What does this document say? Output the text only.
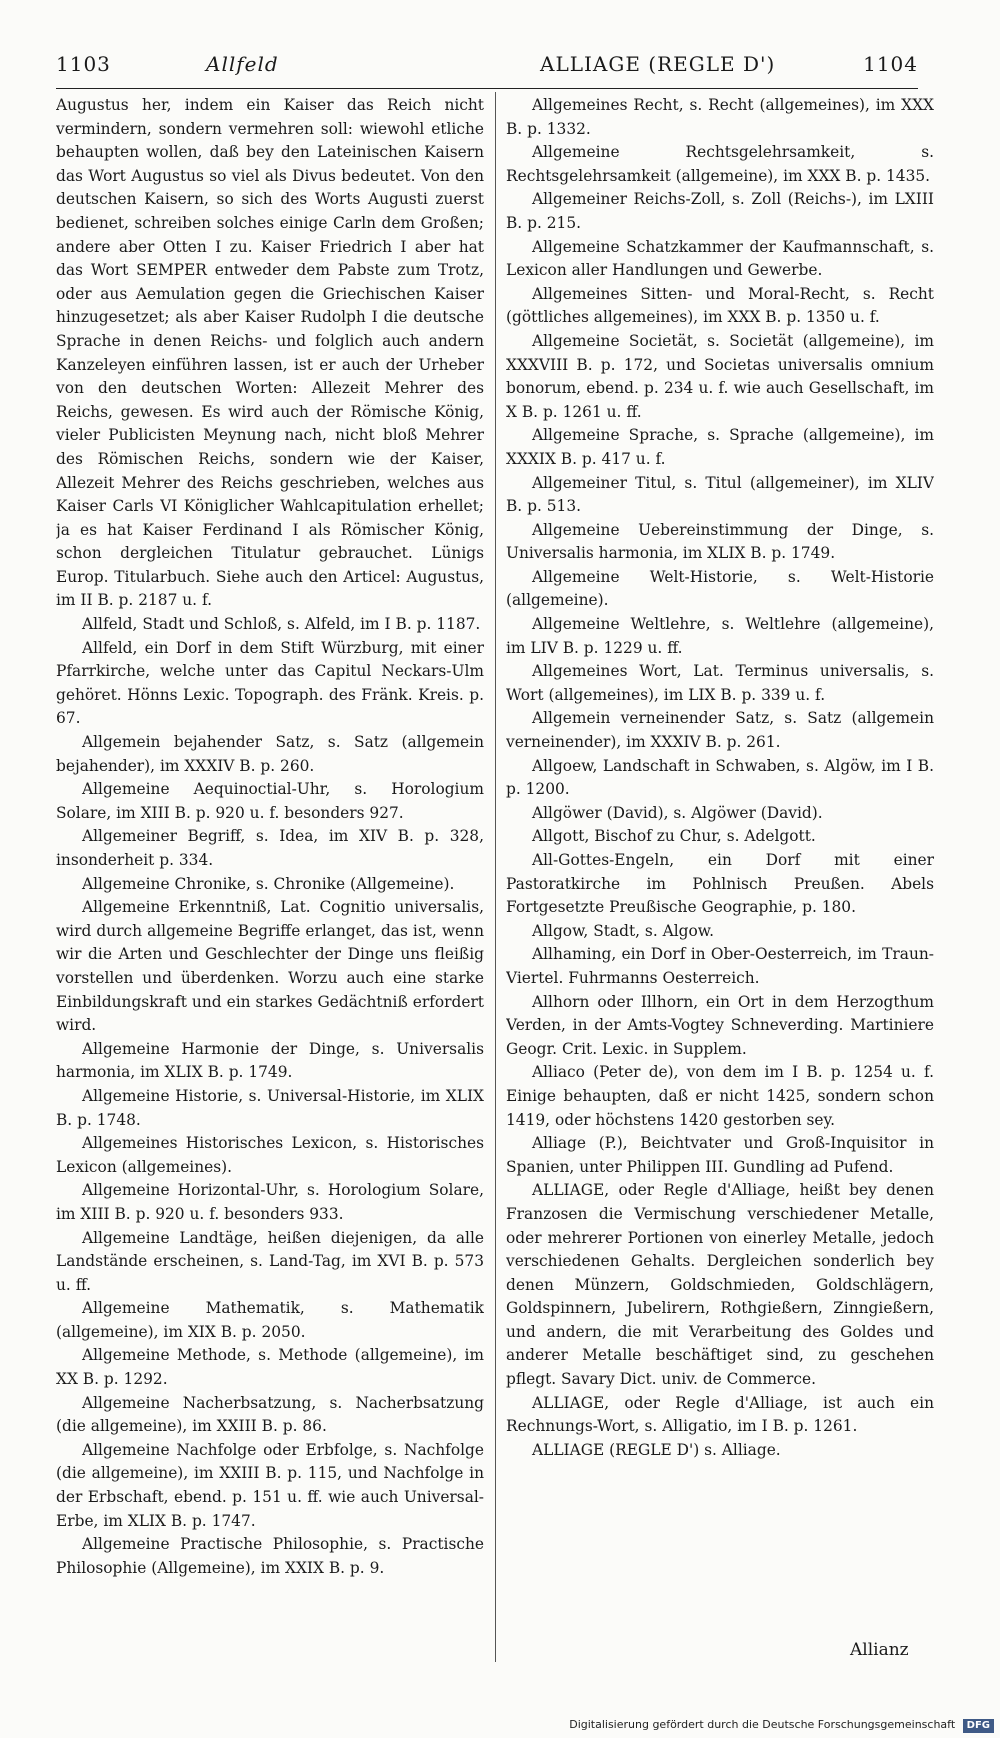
1103	Allfeld	ALLIAGE (REGLE D')	1104

Augustus her, indem ein Kaiser das Reich nicht vermindern, sondern vermehren soll: wiewohl etliche behaupten wollen, daß bey den Lateinischen Kaisern das Wort Augustus so viel als Divus bedeutet. Von den deutschen Kaisern, so sich des Worts Augusti zuerst bedienet, schreiben solches einige Carln dem Großen; andere aber Otten I zu. Kaiser Friedrich I aber hat das Wort SEMPER entweder dem Pabste zum Trotz, oder aus Aemulation gegen die Griechischen Kaiser hinzugesetzet; als aber Kaiser Rudolph I die deutsche Sprache in denen Reichs- und folglich auch andern Kanzeleyen einführen lassen, ist er auch der Urheber von den deutschen Worten: Allezeit Mehrer des Reichs, gewesen. Es wird auch der Römische König, vieler Publicisten Meynung nach, nicht bloß Mehrer des Römischen Reichs, sondern wie der Kaiser, Allezeit Mehrer des Reichs geschrieben, welches aus Kaiser Carls VI Königlicher Wahlcapitulation erhellet; ja es hat Kaiser Ferdinand I als Römischer König, schon dergleichen Titulatur gebrauchet. Lünigs Europ. Titularbuch. Siehe auch den Articel: Augustus, im II B. p. 2187 u. f.

Allfeld, Stadt und Schloß, s. Alfeld, im I B. p. 1187.

Allfeld, ein Dorf in dem Stift Würzburg, mit einer Pfarrkirche, welche unter das Capitul Neckars-Ulm gehöret. Hönns Lexic. Topograph. des Fränk. Kreis. p. 67.

Allgemein bejahender Satz, s. Satz (allgemein bejahender), im XXXIV B. p. 260.

Allgemeine Aequinoctial-Uhr, s. Horologium Solare, im XIII B. p. 920 u. f. besonders 927.

Allgemeiner Begriff, s. Idea, im XIV B. p. 328, insonderheit p. 334.

Allgemeine Chronike, s. Chronike (Allgemeine).

Allgemeine Erkenntniß, Lat. Cognitio universalis, wird durch allgemeine Begriffe erlanget, das ist, wenn wir die Arten und Geschlechter der Dinge uns fleißig vorstellen und überdenken. Worzu auch eine starke Einbildungskraft und ein starkes Gedächtniß erfordert wird.

Allgemeine Harmonie der Dinge, s. Universalis harmonia, im XLIX B. p. 1749.

Allgemeine Historie, s. Universal-Historie, im XLIX B. p. 1748.

Allgemeines Historisches Lexicon, s. Historisches Lexicon (allgemeines).

Allgemeine Horizontal-Uhr, s. Horologium Solare, im XIII B. p. 920 u. f. besonders 933.

Allgemeine Landtäge, heißen diejenigen, da alle Landstände erscheinen, s. Land-Tag, im XVI B. p. 573 u. ff.

Allgemeine Mathematik, s. Mathematik (allgemeine), im XIX B. p. 2050.

Allgemeine Methode, s. Methode (allgemeine), im XX B. p. 1292.

Allgemeine Nacherbsatzung, s. Nacherbsatzung (die allgemeine), im XXIII B. p. 86.

Allgemeine Nachfolge oder Erbfolge, s. Nachfolge (die allgemeine), im XXIII B. p. 115, und Nachfolge in der Erbschaft, ebend. p. 151 u. ff. wie auch Universal-Erbe, im XLIX B. p. 1747.

Allgemeine Practische Philosophie, s. Practische Philosophie (Allgemeine), im XXIX B. p. 9.

Allgemeines Recht, s. Recht (allgemeines), im XXX B. p. 1332.

Allgemeine Rechtsgelehrsamkeit, s. Rechtsgelehrsamkeit (allgemeine), im XXX B. p. 1435.

Allgemeiner Reichs-Zoll, s. Zoll (Reichs-), im LXIII B. p. 215.

Allgemeine Schatzkammer der Kaufmannschaft, s. Lexicon aller Handlungen und Gewerbe.

Allgemeines Sitten- und Moral-Recht, s. Recht (göttliches allgemeines), im XXX B. p. 1350 u. f.

Allgemeine Societät, s. Societät (allgemeine), im XXXVIII B. p. 172, und Societas universalis omnium bonorum, ebend. p. 234 u. f. wie auch Gesellschaft, im X B. p. 1261 u. ff.

Allgemeine Sprache, s. Sprache (allgemeine), im XXXIX B. p. 417 u. f.

Allgemeiner Titul, s. Titul (allgemeiner), im XLIV B. p. 513.

Allgemeine Uebereinstimmung der Dinge, s. Universalis harmonia, im XLIX B. p. 1749.

Allgemeine Welt-Historie, s. Welt-Historie (allgemeine).

Allgemeine Weltlehre, s. Weltlehre (allgemeine), im LIV B. p. 1229 u. ff.

Allgemeines Wort, Lat. Terminus universalis, s. Wort (allgemeines), im LIX B. p. 339 u. f.

Allgemein verneinender Satz, s. Satz (allgemein verneinender), im XXXIV B. p. 261.

Allgoew, Landschaft in Schwaben, s. Algöw, im I B. p. 1200.

Allgöwer (David), s. Algöwer (David).

Allgott, Bischof zu Chur, s. Adelgott.

All-Gottes-Engeln, ein Dorf mit einer Pastoratkirche im Pohlnisch Preußen. Abels Fortgesetzte Preußische Geographie, p. 180.

Allgow, Stadt, s. Algow.

Allhaming, ein Dorf in Ober-Oesterreich, im Traun-Viertel. Fuhrmanns Oesterreich.

Allhorn oder Illhorn, ein Ort in dem Herzogthum Verden, in der Amts-Vogtey Schneverding. Martiniere Geogr. Crit. Lexic. in Supplem.

Alliaco (Peter de), von dem im I B. p. 1254 u. f. Einige behaupten, daß er nicht 1425, sondern schon 1419, oder höchstens 1420 gestorben sey.

Alliage (P.), Beichtvater und Groß-Inquisitor in Spanien, unter Philippen III. Gundling ad Pufend.

ALLIAGE, oder Regle d'Alliage, heißt bey denen Franzosen die Vermischung verschiedener Metalle, oder mehrerer Portionen von einerley Metalle, jedoch verschiedenen Gehalts. Dergleichen sonderlich bey denen Münzern, Goldschmieden, Goldschlägern, Goldspinnern, Jubelirern, Rothgießern, Zinngießern, und andern, die mit Verarbeitung des Goldes und anderer Metalle beschäftiget sind, zu geschehen pflegt. Savary Dict. univ. de Commerce.

ALLIAGE, oder Regle d'Alliage, ist auch ein Rechnungs-Wort, s. Alligatio, im I B. p. 1261.

ALLIAGE (REGLE D') s. Alliage.

Allianz
Digitalisierung gefördert durch die Deutsche Forschungsgemeinschaft DFG
